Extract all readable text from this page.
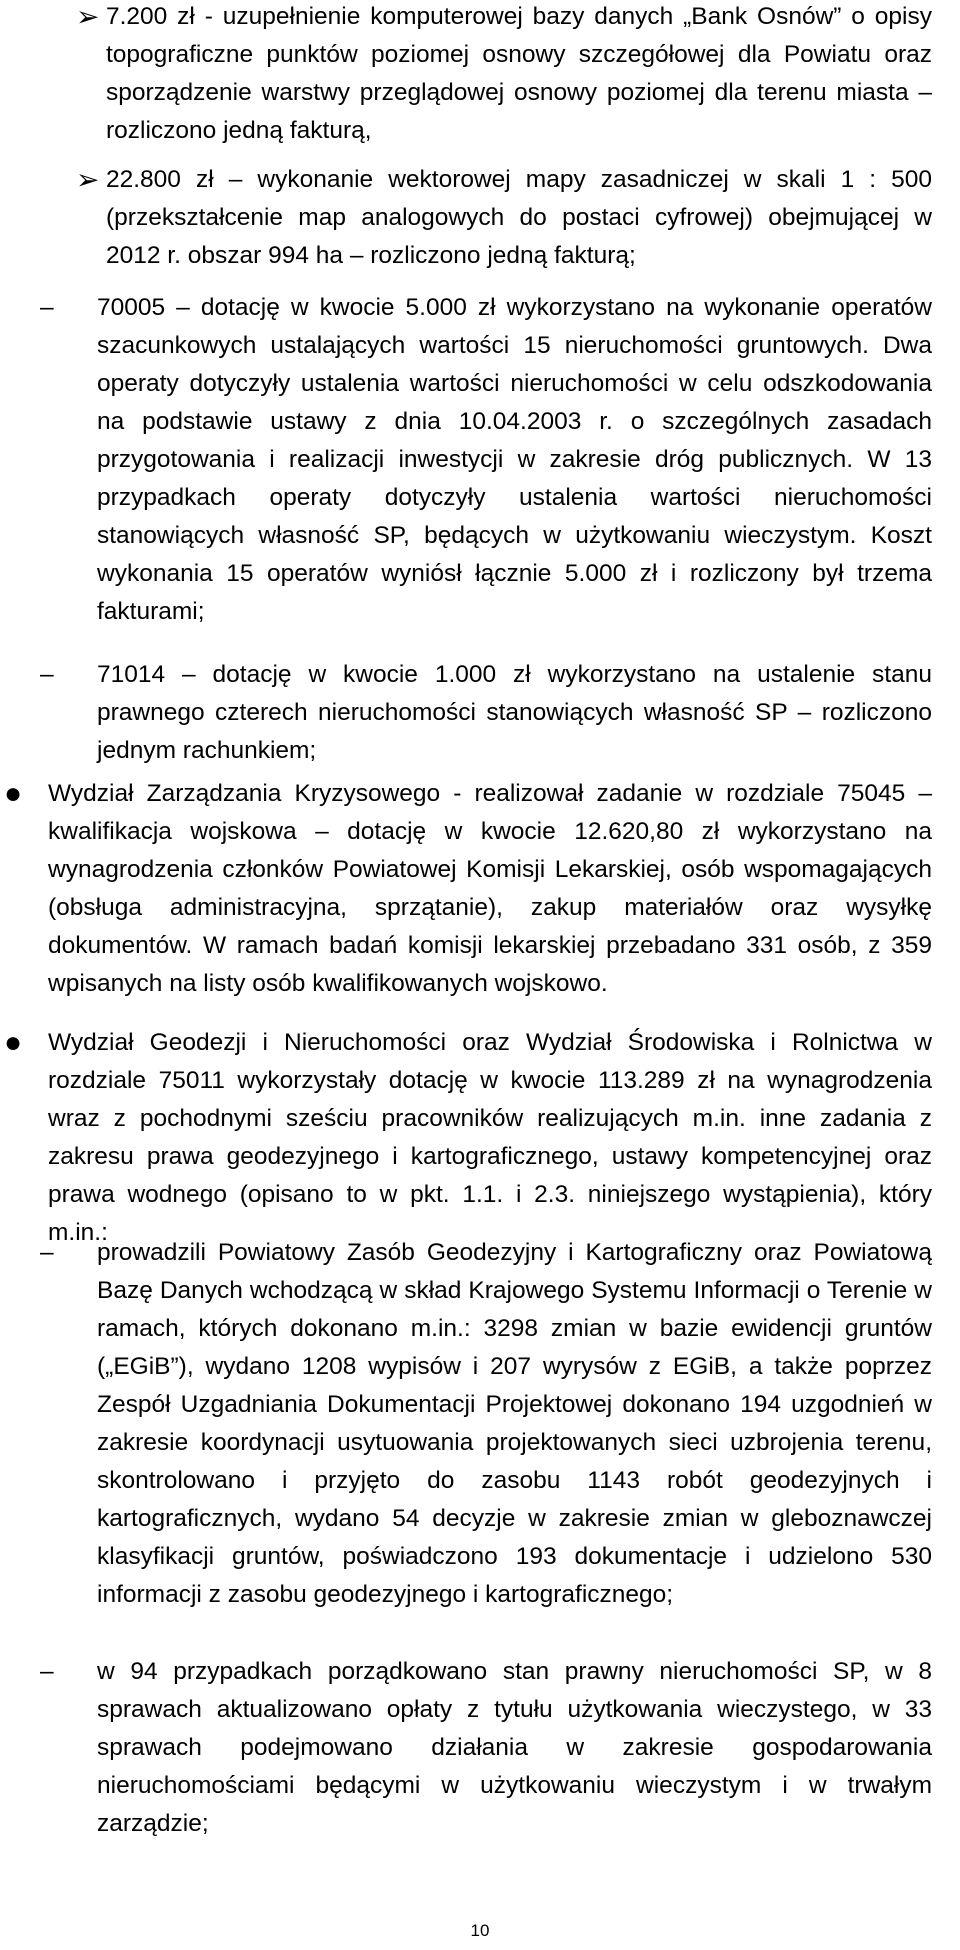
➢ 7.200 zł - uzupełnienie komputerowej bazy danych „Bank Osnów” o opisy topograficzne punktów poziomej osnowy szczegółowej dla Powiatu oraz sporządzenie warstwy przeglądowej osnowy poziomej dla terenu miasta – rozliczono jedną fakturą,
➢ 22.800 zł – wykonanie wektorowej mapy zasadniczej w skali 1 : 500 (przekształcenie map analogowych do postaci cyfrowej) obejmującej w 2012 r. obszar 994 ha – rozliczono jedną fakturą;
– 70005 – dotację w kwocie 5.000 zł wykorzystano na wykonanie operatów szacunkowych ustalających wartości 15 nieruchomości gruntowych. Dwa operaty dotyczyły ustalenia wartości nieruchomości w celu odszkodowania na podstawie ustawy z dnia 10.04.2003 r. o szczególnych zasadach przygotowania i realizacji inwestycji w zakresie dróg publicznych. W 13 przypadkach operaty dotyczyły ustalenia wartości nieruchomości stanowiących własność SP, będących w użytkowaniu wieczystym. Koszt wykonania 15 operatów wyniósł łącznie 5.000 zł i rozliczony był trzema fakturami;
– 71014 – dotację w kwocie 1.000 zł wykorzystano na ustalenie stanu prawnego czterech nieruchomości stanowiących własność SP – rozliczono jednym rachunkiem;
● Wydział Zarządzania Kryzysowego - realizował zadanie w rozdziale 75045 – kwalifikacja wojskowa – dotację w kwocie 12.620,80 zł wykorzystano na wynagrodzenia członków Powiatowej Komisji Lekarskiej, osób wspomagających (obsługa administracyjna, sprzątanie), zakup materiałów oraz wysyłkę dokumentów. W ramach badań komisji lekarskiej przebadano 331 osób, z 359 wpisanych na listy osób kwalifikowanych wojskowo.
● Wydział Geodezji i Nieruchomości oraz Wydział Środowiska i Rolnictwa w rozdziale 75011 wykorzystały dotację w kwocie 113.289 zł na wynagrodzenia wraz z pochodnymi sześciu pracowników realizujących m.in. inne zadania z zakresu prawa geodezyjnego i kartograficznego, ustawy kompetencyjnej oraz prawa wodnego (opisano to w pkt. 1.1. i 2.3. niniejszego wystąpienia), który m.in.:
– prowadzili Powiatowy Zasób Geodezyjny i Kartograficzny oraz Powiatową Bazę Danych wchodzącą w skład Krajowego Systemu Informacji o Terenie w ramach, których dokonano m.in.: 3298 zmian w bazie ewidencji gruntów („EGiB”), wydano 1208 wypisów i 207 wyrysów z EGiB, a także poprzez Zespół Uzgadniania Dokumentacji Projektowej dokonano 194 uzgodnień w zakresie koordynacji usytuowania projektowanych sieci uzbrojenia terenu, skontrolowano i przyjęto do zasobu 1143 robót geodezyjnych i kartograficznych, wydano 54 decyzje w zakresie zmian w gleboznawczej klasyfikacji gruntów, poświadczono 193 dokumentacje i udzielono 530 informacji z zasobu geodezyjnego i kartograficznego;
– w 94 przypadkach porządkowano stan prawny nieruchomości SP, w 8 sprawach aktualizowano opłaty z tytułu użytkowania wieczystego, w 33 sprawach podejmowano działania w zakresie gospodarowania nieruchomościami będącymi w użytkowaniu wieczystym i w trwałym zarządzie;
10
